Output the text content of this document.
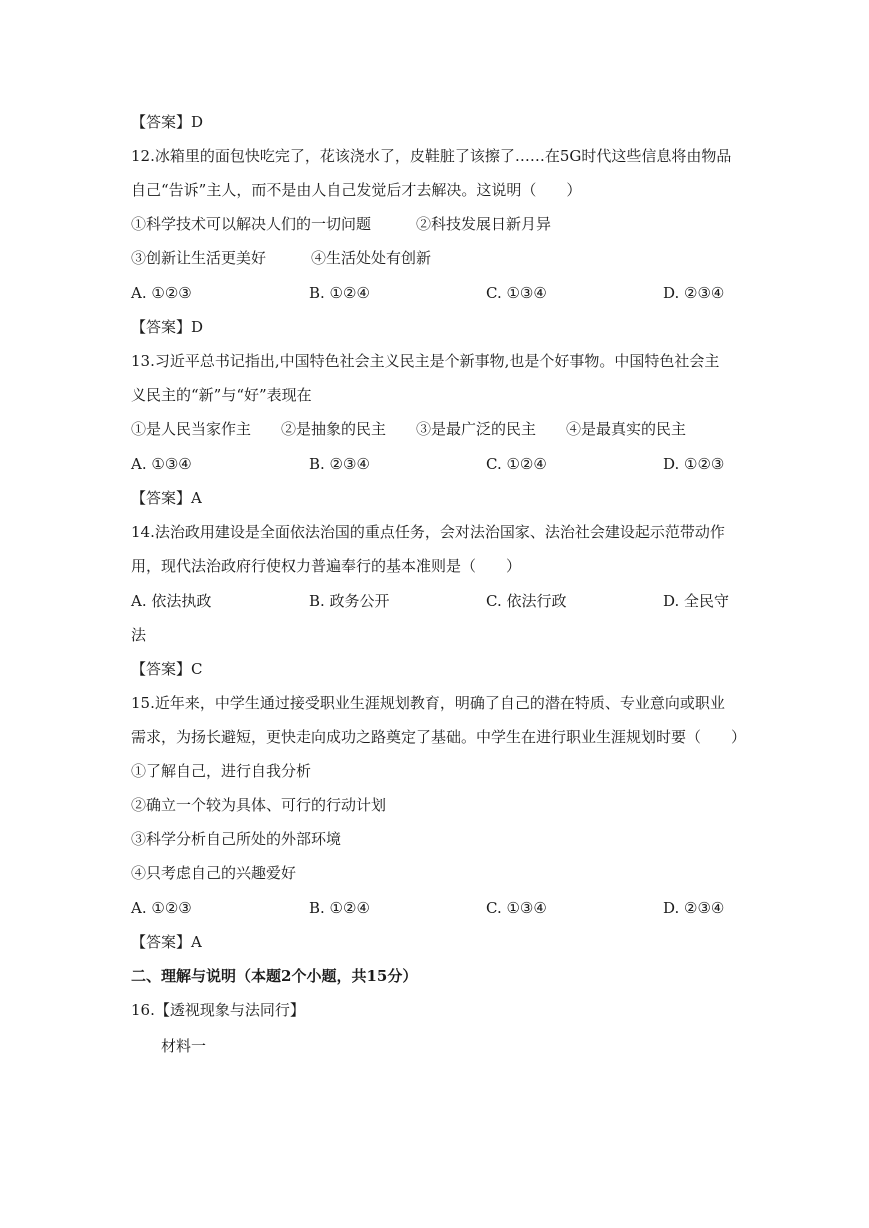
【答案】D
12.冰箱里的面包快吃完了，花该浇水了，皮鞋脏了该擦了……在5G时代这些信息将由物品
自己“告诉”主人，而不是由人自己发觉后才去解决。这说明（　　）
①科学技术可以解决人们的一切问题　　　②科技发展日新月异
③创新让生活更美好　　　④生活处处有创新
A. ①②③	B. ①②④	C. ①③④	D. ②③④
【答案】D
13.习近平总书记指出,中国特色社会主义民主是个新事物,也是个好事物。中国特色社会主
义民主的“新”与“好”表现在
①是人民当家作主　　②是抽象的民主　　③是最广泛的民主　　④是最真实的民主
A. ①③④	B. ②③④	C. ①②④	D. ①②③
【答案】A
14.法治政用建设是全面依法治国的重点任务，会对法治国家、法治社会建设起示范带动作
用，现代法治政府行使权力普遍奉行的基本准则是（　　）
A. 依法执政	B. 政务公开	C. 依法行政	D. 全民守
法
【答案】C
15.近年来，中学生通过接受职业生涯规划教育，明确了自己的潜在特质、专业意向或职业
需求，为扬长避短，更快走向成功之路奠定了基础。中学生在进行职业生涯规划时要（　　）
①了解自己，进行自我分析
②确立一个较为具体、可行的行动计划
③科学分析自己所处的外部环境
④只考虑自己的兴趣爱好
A. ①②③	B. ①②④	C. ①③④	D. ②③④
【答案】A
二、理解与说明（本题2个小题，共15分）
16.【透视现象与法同行】
材料一
